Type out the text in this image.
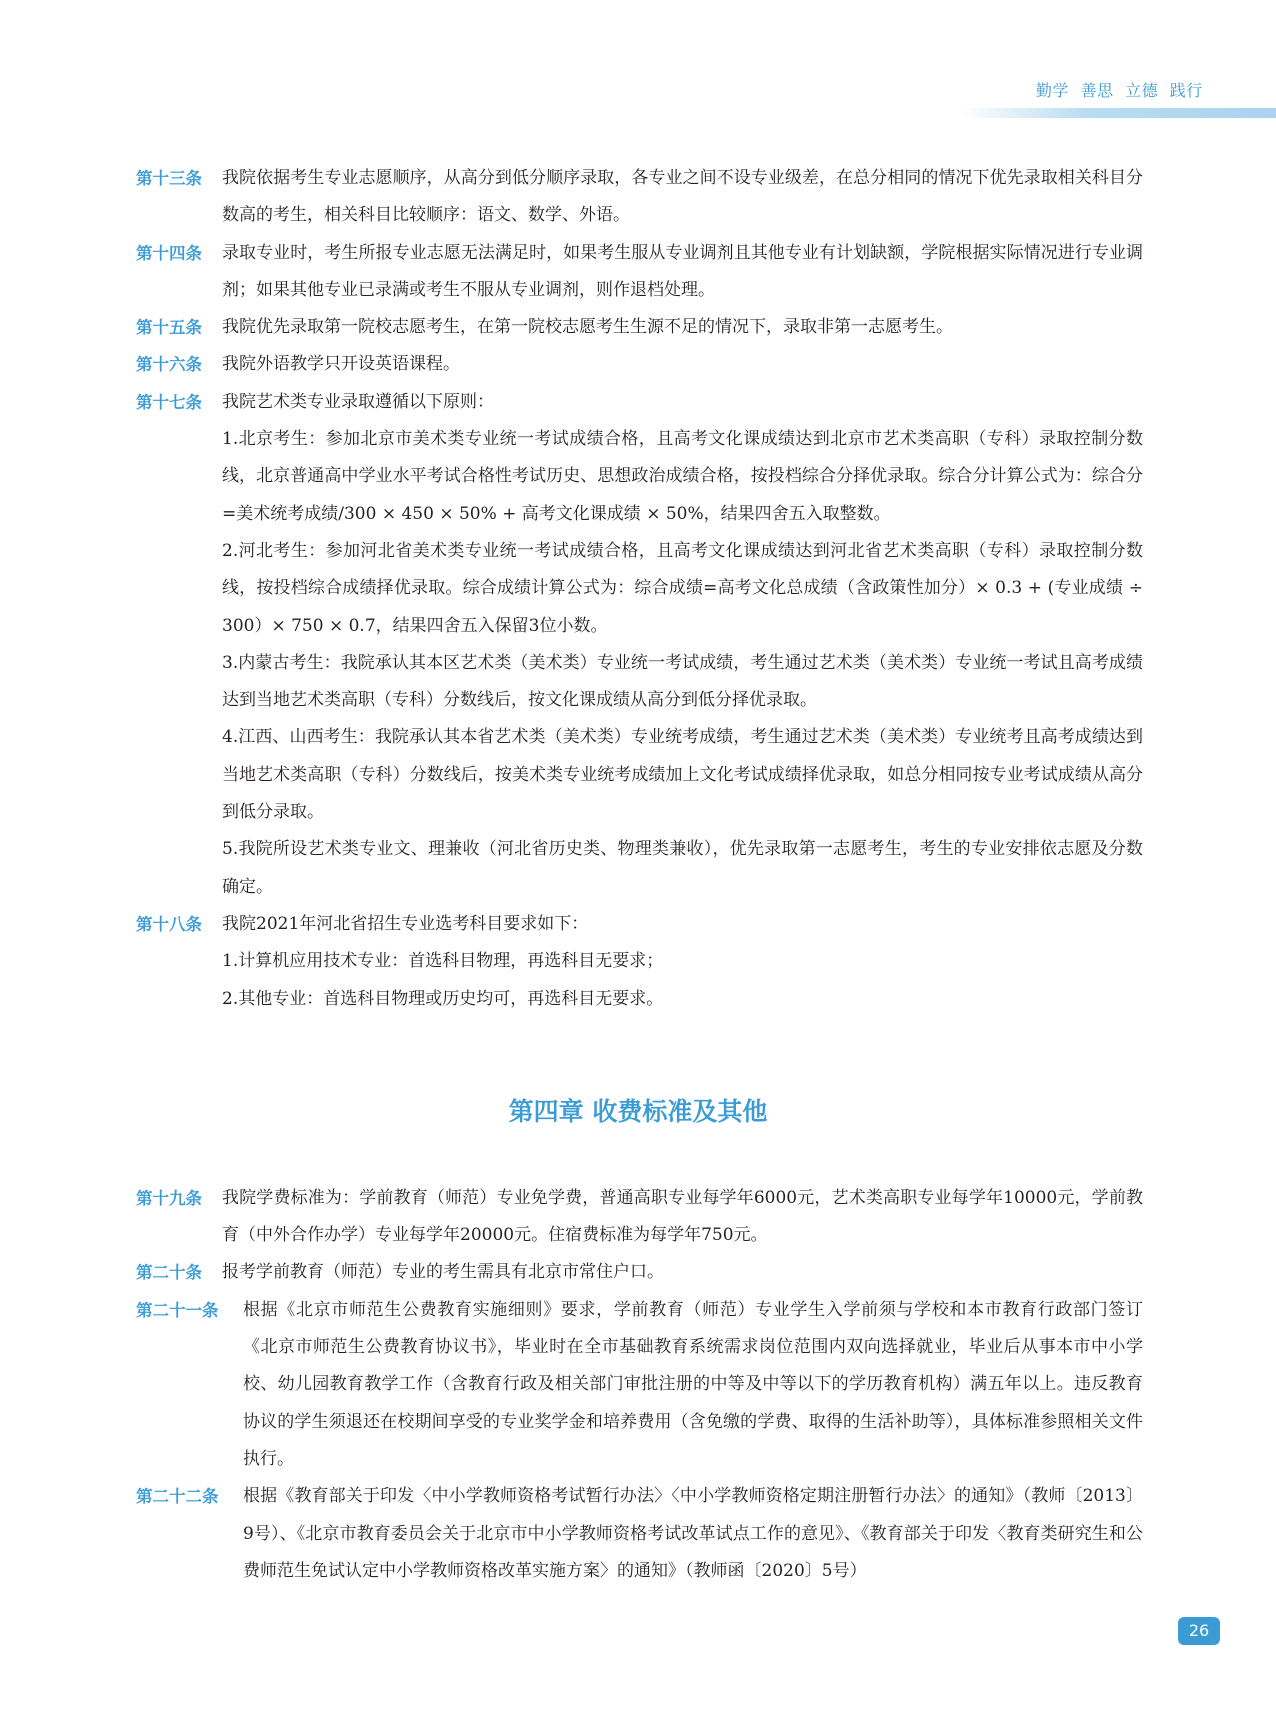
勤学 善思 立德 践行
第十三条 我院依据考生专业志愿顺序，从高分到低分顺序录取，各专业之间不设专业级差，在总分相同的情况下优先录取相关科目分数高的考生，相关科目比较顺序：语文、数学、外语。
第十四条 录取专业时，考生所报专业志愿无法满足时，如果考生服从专业调剂且其他专业有计划缺额，学院根据实际情况进行专业调剂；如果其他专业已录满或考生不服从专业调剂，则作退档处理。
第十五条 我院优先录取第一院校志愿考生，在第一院校志愿考生生源不足的情况下，录取非第一志愿考生。
第十六条 我院外语教学只开设英语课程。
第十七条 我院艺术类专业录取遵循以下原则：
1.北京考生：参加北京市美术类专业统一考试成绩合格，且高考文化课成绩达到北京市艺术类高职（专科）录取控制分数线，北京普通高中学业水平考试合格性考试历史、思想政治成绩合格，按投档综合分择优录取。综合分计算公式为：综合分=美术统考成绩/300 × 450 × 50% + 高考文化课成绩 × 50%，结果四舍五入取整数。
2.河北考生：参加河北省美术类专业统一考试成绩合格，且高考文化课成绩达到河北省艺术类高职（专科）录取控制分数线，按投档综合成绩择优录取。综合成绩计算公式为：综合成绩=高考文化总成绩（含政策性加分）× 0.3 + (专业成绩 ÷ 300）× 750 × 0.7，结果四舍五入保留3位小数。
3.内蒙古考生：我院承认其本区艺术类（美术类）专业统一考试成绩，考生通过艺术类（美术类）专业统一考试且高考成绩达到当地艺术类高职（专科）分数线后，按文化课成绩从高分到低分择优录取。
4.江西、山西考生：我院承认其本省艺术类（美术类）专业统考成绩，考生通过艺术类（美术类）专业统考且高考成绩达到当地艺术类高职（专科）分数线后，按美术类专业统考成绩加上文化考试成绩择优录取，如总分相同按专业考试成绩从高分到低分录取。
5.我院所设艺术类专业文、理兼收（河北省历史类、物理类兼收），优先录取第一志愿考生，考生的专业安排依志愿及分数确定。
第十八条 我院2021年河北省招生专业选考科目要求如下：
1.计算机应用技术专业：首选科目物理，再选科目无要求；
2.其他专业：首选科目物理或历史均可，再选科目无要求。
第四章 收费标准及其他
第十九条 我院学费标准为：学前教育（师范）专业免学费，普通高职专业每学年6000元，艺术类高职专业每学年10000元，学前教育（中外合作办学）专业每学年20000元。住宿费标准为每学年750元。
第二十条 报考学前教育（师范）专业的考生需具有北京市常住户口。
第二十一条 根据《北京市师范生公费教育实施细则》要求，学前教育（师范）专业学生入学前须与学校和本市教育行政部门签订《北京市师范生公费教育协议书》，毕业时在全市基础教育系统需求岗位范围内双向选择就业，毕业后从事本市中小学校、幼儿园教育教学工作（含教育行政及相关部门审批注册的中等及中等以下的学历教育机构）满五年以上。违反教育协议的学生须退还在校期间享受的专业奖学金和培养费用（含免缴的学费、取得的生活补助等），具体标准参照相关文件执行。
第二十二条 根据《教育部关于印发〈中小学教师资格考试暂行办法〉〈中小学教师资格定期注册暂行办法〉的通知》（教师〔2013〕9号）、《北京市教育委员会关于北京市中小学教师资格考试改革试点工作的意见》、《教育部关于印发〈教育类研究生和公费师范生免试认定中小学教师资格改革实施方案〉的通知》（教师函〔2020〕5号）
26
